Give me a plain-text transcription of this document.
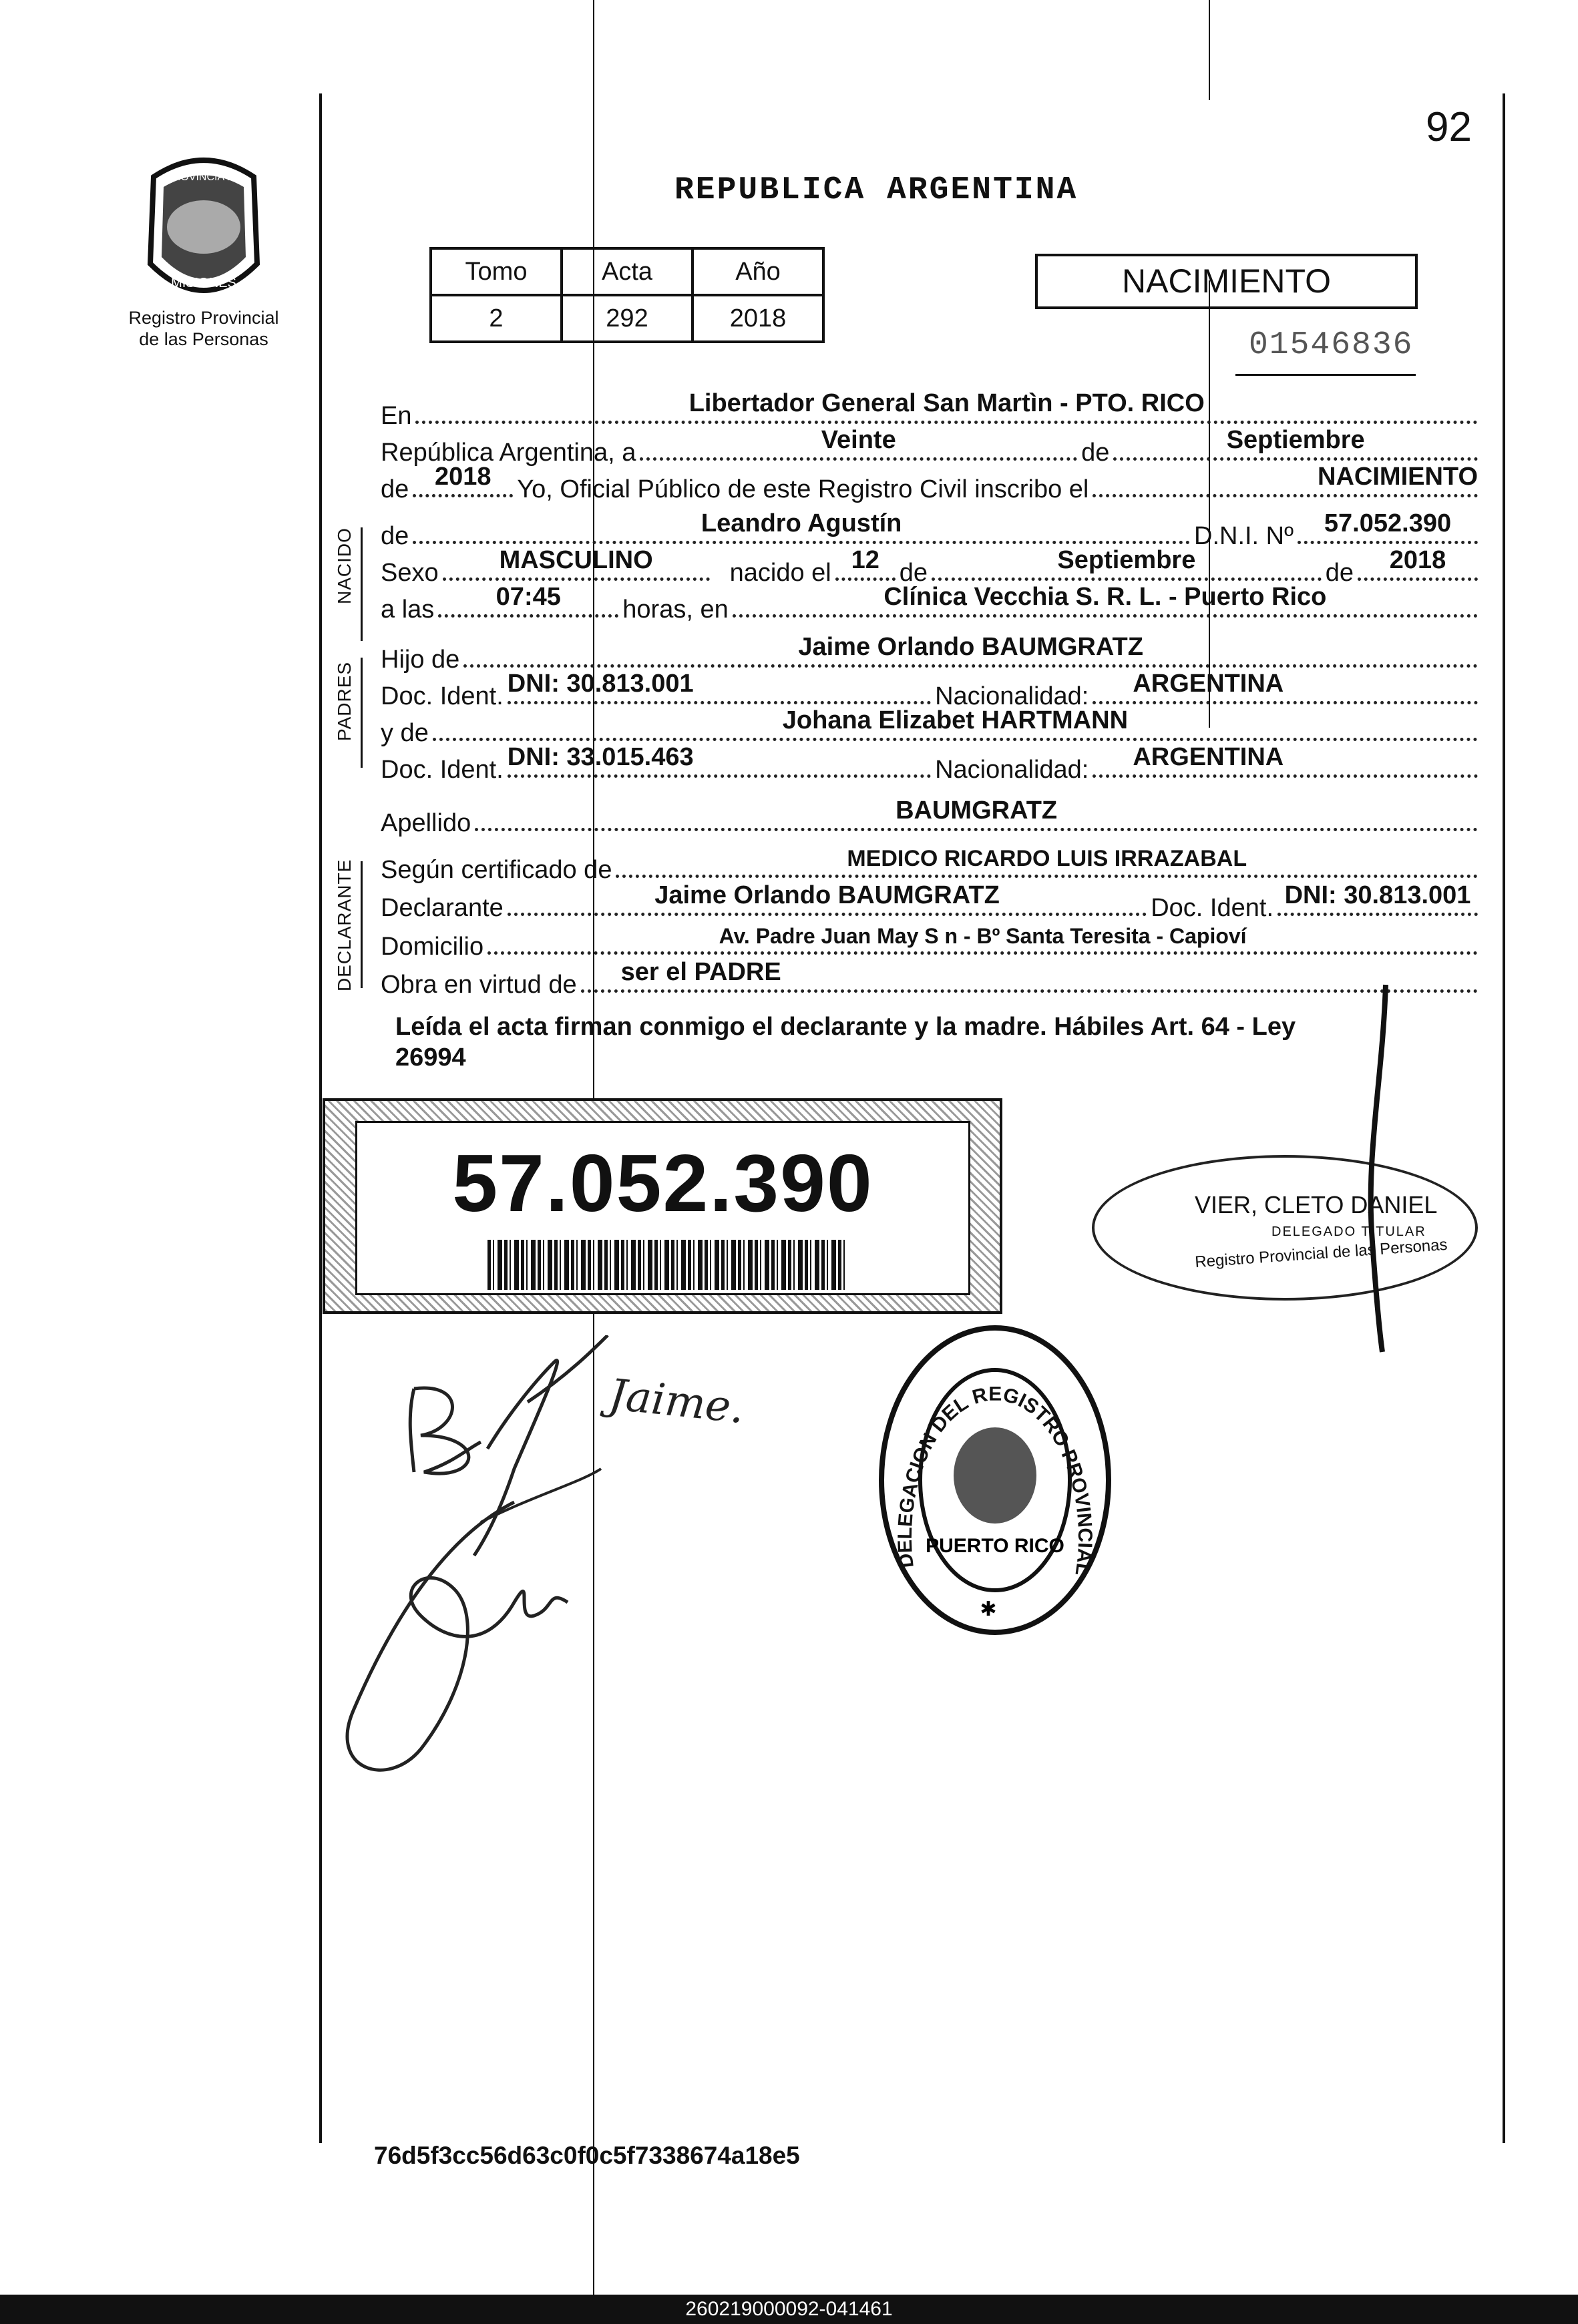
92
PROVINCIA DE
MISIONES
Registro Provincial
de las Personas
REPUBLICA ARGENTINA
Tomo	Acta	Año
2	292	2018
NACIMIENTO
01546836
En	Libertador General San Martìn - PTO. RICO
República Argentina, a	Veinte	de	Septiembre
de	2018	Yo, Oficial Público de este Registro Civil inscribo el	NACIMIENTO
NACIDO de	Leandro Agustín	D.N.I. Nº	57.052.390
Sexo	MASCULINO	nacido el 12 de	Septiembre	de	2018
a las	07:45	horas, en	Clínica Vecchia S. R. L. - Puerto Rico
PADRES
Hijo de	Jaime Orlando BAUMGRATZ
Doc. Ident. DNI: 30.813.001	Nacionalidad:	ARGENTINA
y de	Johana Elizabet HARTMANN
Doc. Ident. DNI: 33.015.463	Nacionalidad:	ARGENTINA
Apellido	BAUMGRATZ
DECLARANTE Según certificado de	MEDICO RICARDO LUIS IRRAZABAL
Declarante	Jaime Orlando BAUMGRATZ	Doc. Ident. DNI: 30.813.001
Domicilio	Av. Padre Juan May S n - Bº Santa Teresita - Capioví
Obra en virtud de	ser el PADRE
Leída el acta firman conmigo el declarante y la madre. Hábiles Art. 64 - Ley
26994
57.052.390	VIER, CLETO DANIEL
DELEGADO TITULAR
Registro Provincial de las Personas
DELEGACION DEL REGISTRO PROVINCIAL
PUERTO RICO
✱
Jaime.
76d5f3cc56d63c0f0c5f7338674a18e5
260219000092-041461
